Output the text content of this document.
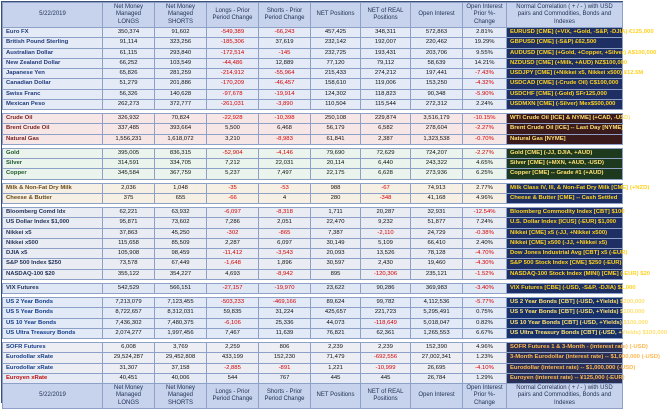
5/22/2019	Net Money Managed LONGS	Net Money Managed SHORTS	Longs - Prior Period Change	Shorts - Prior Period Change	NET Positions	NET of REAL Positions	Open Interest	Open Interest Prior %-Change	Normal Correlation ( + / - ) with USD pairs and Commodities, Bonds and Indexes
Euro FX	350,374	91,602	-549,389	-66,243	457,425	348,311	572,863	2.81%	EURUSD [CME] (+VIX, +Gold, -S&P, -DJIA) €125,000
British Pound Sterling	91,114	323,256	-185,306	37,619	232,142	192,007	220,462	19.29%	GBPUSD [CME] (-S&P) £62,500
Australian Dollar	61,115	293,840	-172,514	-145	232,725	193,431	203,706	9.55%	AUDUSD [CME] (+Gold, +Copper, +Silver) A$100,000
New Zealand Dollar	66,252	103,549	-44,486	12,889	77,120	79,112	58,639	14.21%	NZDUSD [CME] (+Milk, +AUD) NZ$100,000
Japanese Yen	65,826	281,259	-214,912	-55,964	215,433	274,212	197,441	-7.43%	USDJPY [CME] (+Nikkei x5, Nikkei x500) ¥12.5M
Canadian Dollar	51,279	201,886	-170,209	-46,457	158,610	119,006	153,250	-4.32%	USDCAD [CME] (-Crude Oil) C$100,000
Swiss Franc	56,326	140,628	-97,678	-19,914	124,302	118,823	90,348	-5.90%	USDCHF [CME] (-Gold) SFr125,000
Mexican Peso	262,273	372,777	-261,031	-3,890	110,504	115,544	272,312	2.24%	USDMXN [CME] (-Silver) Mex$500,000

Crude Oil	326,932	70,824	-22,928	-10,398	250,108	229,874	3,516,179	-10.15%	WTI Crude Oil [ICE] & NYME] (+CAD, -USD)
Brent Crude Oil	337,485	393,664	5,500	6,468	56,179	6,582	278,604	-2.27%	Brent Crude Oil [ICE] -- Last Day [NYME]
Natural Gas	1,556,231	1,618,072	3,210	-8,983	61,841	2,387	1,323,538	-0.70%	Natural Gas [NYME]

Gold	395,005	836,315	-52,904	-4,146	79,690	72,629	724,207	-2.27%	Gold [CME] (-JJ, DJIA, +AUD)
Silver	314,591	334,705	7,212	22,031	20,114	6,440	243,322	4.65%	Silver [CME] (+MXN, +AUD, -USD)
Copper	345,584	367,759	5,237	7,497	22,175	6,628	273,936	6.25%	Copper [CME] -- Grade #1 (+AUD)

Milk & Non-Fat Dry Milk	2,036	1,048	-35	-53	988	-67	74,913	2.77%	Milk Class IV, III, & Non-Fat Dry Milk [CME] (+NZD)
Cheese & Butter	375	655	-66	4	280	-348	41,168	4.96%	Cheese & Butter [CME] -- Cash Settled

Bloomberg Comd Idx	62,221	63,932	-6,097	-8,318	1,711	20,287	32,931	-12.54%	Bloomberg Commodity Index [CBT] $100
US Dollar Index $1,000	95,871	73,602	7,286	2,051	22,470	9,232	51,877	7.24%	U.S. Dollar Index [ICUS] (-EUR) $1,000
Nikkei x5	37,863	45,250	-302	-865	7,387	-2,110	24,729	-0.38%	Nikkei [CME] x5 (-JJ, +Nikkei x500)
Nikkei x500	115,658	85,509	2,287	6,097	30,149	5,109	66,410	2.40%	Nikkei [CME] x500 (-JJ, +Nikkei x5)
DJIA x5	105,908	98,459	-11,412	-3,543	20,093	13,526	78,128	-4.70%	Dow Jones Industrial Avg [CBT] x5 (-EUR)
S&P 500 Index $250	73,578	67,449	-1,648	1,896	30,597	2,430	19,460	-4.30%	S&P 500 Stock Index [CME] $250 (-EUR)
NASDAQ-100 $20	355,122	354,227	4,693	-8,942	895	-120,306	235,121	-1.52%	NASDAQ-100 Stock Index (MINI) [CME] (-EUR) $20

VIX Futures	542,529	566,151	-27,157	-19,970	23,622	90,286	369,983	-3.40%	VIX Futures [CBE] (-USD, -S&P, -DJIA) $1,000

US 2 Year Bonds	7,213,079	7,123,455	-503,233	-469,166	89,624	99,782	4,112,536	-5.77%	US 2 Year Bonds [CBT] (-USD, +Yields) $200,000
US 5 Year Bonds	8,722,657	8,312,031	59,835	31,224	425,657	221,723	5,295,491	0.75%	US 5 Year Bonds [CBT] (-USD, +Yields) $100,000
US 10 Year Bonds	7,436,302	7,480,375	-6,106	25,336	44,073	-118,649	5,018,047	0.82%	US 10 Year Bonds [CBT] (-USD, +Yields) $100,000
US Ultra Treasury Bonds	2,074,277	1,997,456	7,467	11,639	76,821	62,361	1,265,553	6.67%	US Ultra Treasury Bonds [CBT] (-USD, +Yields) $100,000

SOFR Futures	6,008	3,769	2,259	806	2,239	2,239	152,390	4.96%	SOFR Futures 1 & 3-Month - (interest rate) (-USD)
Eurodollar xRate	29,524,287	29,452,808	433,199	152,230	71,479	-692,556	27,002,341	1.23%	3-Month Eurodollar (interest rate) -- $1,000,000 (-USD)
Eurodollar xRate	31,307	37,158	-2,885	-891	1,221	-10,999	26,695	-4.10%	Eurodollar (interest rate) -- $1,000,000 (-USD)
Euroyen xRate	40,451	40,006	544	767	445	445	26,784	1.29%	Euroyen (interest rate) -- ¥125,000 (-EUR)
5/22/2019	Net Money Managed LONGS	Net Money Managed SHORTS	Longs - Prior Period Change	Shorts - Prior Period Change	NET Positions	NET of REAL Positions	Open Interest	Open Interest Prior %-Change	Normal Correlation ( + / - ) with USD pairs and Commodities, Bonds and Indexes
